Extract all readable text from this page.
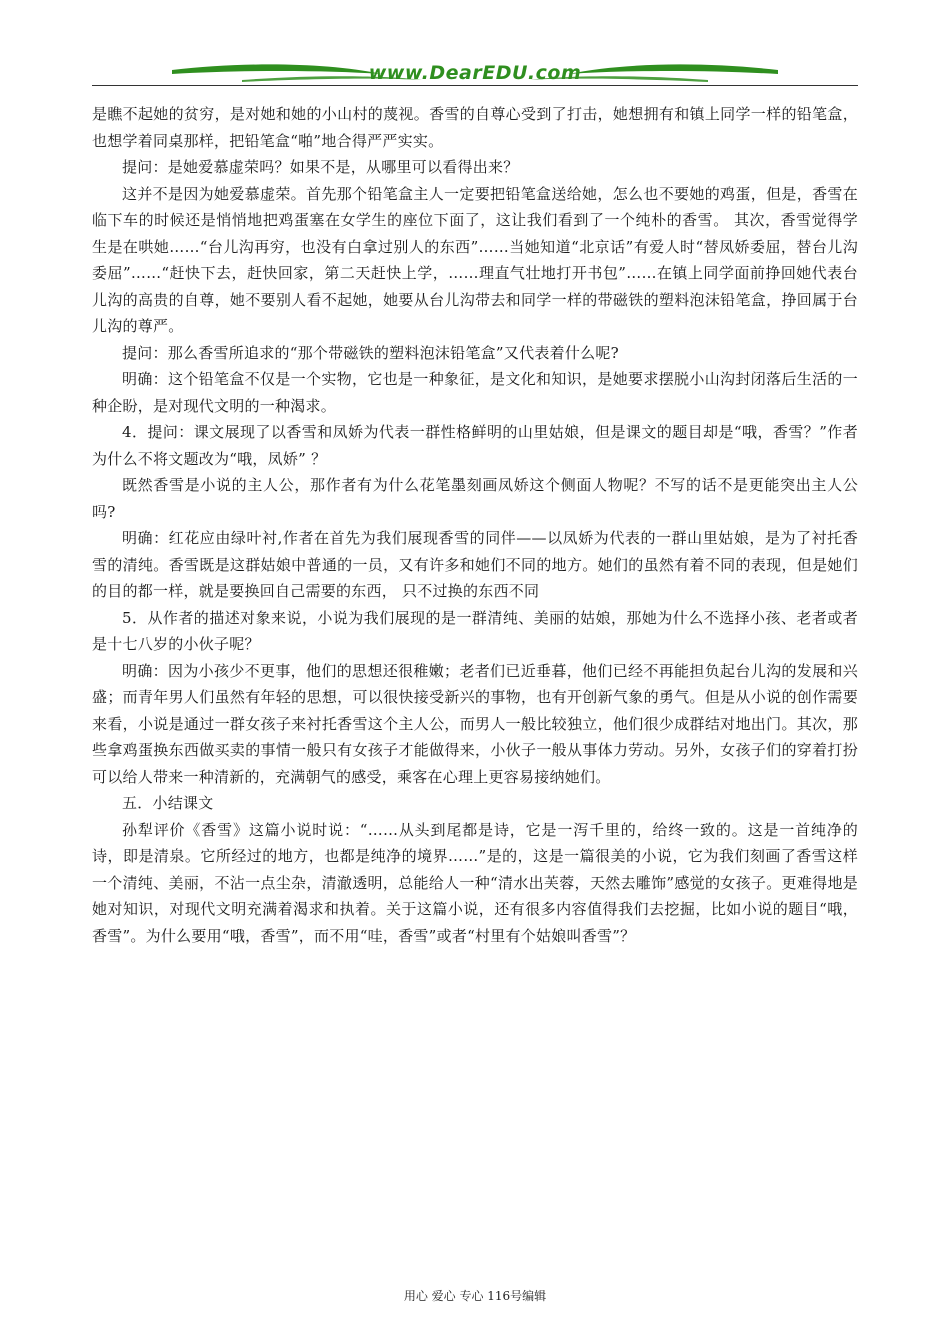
www.DearEDU.com

是瞧不起她的贫穷，是对她和她的小山村的蔑视。香雪的自尊心受到了打击，她想拥有和镇上同学一样的铅笔盒，也想学着同桌那样，把铅笔盒“啪”地合得严严实实。

提问：是她爱慕虚荣吗？如果不是，从哪里可以看得出来？

这并不是因为她爱慕虚荣。首先那个铅笔盒主人一定要把铅笔盒送给她，怎么也不要她的鸡蛋，但是，香雪在临下车的时候还是悄悄地把鸡蛋塞在女学生的座位下面了，这让我们看到了一个纯朴的香雪。 其次，香雪觉得学生是在哄她……“台儿沟再穷，也没有白拿过别人的东西”……当她知道“北京话”有爱人时“替凤娇委屈，替台儿沟委屈”……“赶快下去，赶快回家，第二天赶快上学，……理直气壮地打开书包”……在镇上同学面前挣回她代表台儿沟的高贵的自尊，她不要别人看不起她，她要从台儿沟带去和同学一样的带磁铁的塑料泡沫铅笔盒，挣回属于台儿沟的尊严。

提问：那么香雪所追求的“那个带磁铁的塑料泡沫铅笔盒”又代表着什么呢?

明确：这个铅笔盒不仅是一个实物，它也是一种象征，是文化和知识，是她要求摆脱小山沟封闭落后生活的一种企盼，是对现代文明的一种渴求。

4．提问：课文展现了以香雪和凤娇为代表一群性格鲜明的山里姑娘，但是课文的题目却是“哦，香雪？”作者为什么不将文题改为“哦，凤娇” ？

既然香雪是小说的主人公，那作者有为什么花笔墨刻画凤娇这个侧面人物呢？不写的话不是更能突出主人公吗?

明确：红花应由绿叶衬,作者在首先为我们展现香雪的同伴——以凤娇为代表的一群山里姑娘，是为了衬托香雪的清纯。香雪既是这群姑娘中普通的一员，又有许多和她们不同的地方。她们的虽然有着不同的表现，但是她们的目的都一样，就是要换回自己需要的东西， 只不过换的东西不同

5．从作者的描述对象来说，小说为我们展现的是一群清纯、美丽的姑娘，那她为什么不选择小孩、老者或者是十七八岁的小伙子呢？

明确：因为小孩少不更事，他们的思想还很稚嫩；老者们已近垂暮，他们已经不再能担负起台儿沟的发展和兴盛；而青年男人们虽然有年轻的思想，可以很快接受新兴的事物，也有开创新气象的勇气。但是从小说的创作需要来看，小说是通过一群女孩子来衬托香雪这个主人公，而男人一般比较独立，他们很少成群结对地出门。其次，那些拿鸡蛋换东西做买卖的事情一般只有女孩子才能做得来，小伙子一般从事体力劳动。另外，女孩子们的穿着打扮可以给人带来一种清新的，充满朝气的感受，乘客在心理上更容易接纳她们。

五．小结课文

孙犁评价《香雪》这篇小说时说：“……从头到尾都是诗，它是一泻千里的，给终一致的。这是一首纯净的诗，即是清泉。它所经过的地方，也都是纯净的境界……”是的，这是一篇很美的小说，它为我们刻画了香雪这样一个清纯、美丽，不沾一点尘杂，清澈透明，总能给人一种“清水出芙蓉，天然去雕饰”感觉的女孩子。更难得地是她对知识，对现代文明充满着渴求和执着。关于这篇小说，还有很多内容值得我们去挖掘，比如小说的题目“哦，香雪”。为什么要用“哦，香雪”，而不用“哇，香雪”或者“村里有个姑娘叫香雪”？

用心 爱心 专心 116号编辑
